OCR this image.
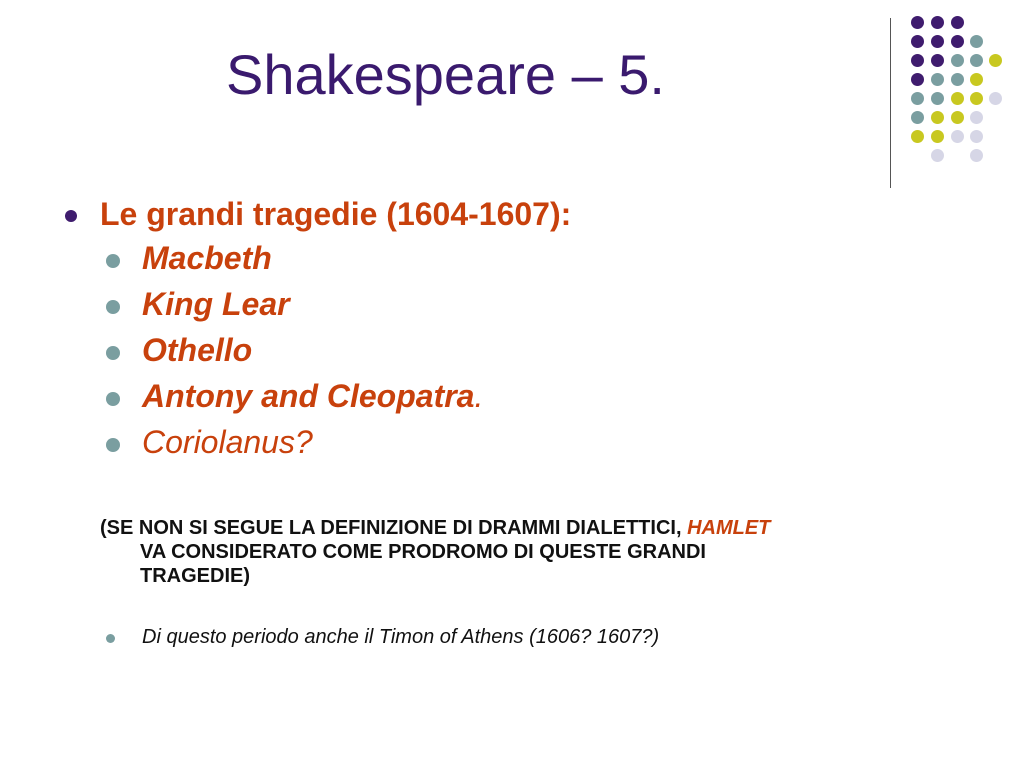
Shakespeare – 5.
Le grandi tragedie (1604-1607):
Macbeth
King Lear
Othello
Antony and Cleopatra.
Coriolanus?
(SE NON SI SEGUE LA DEFINIZIONE DI DRAMMI DIALETTICI, HAMLET
VA CONSIDERATO COME PRODROMO DI QUESTE GRANDI
TRAGEDIE)
Di questo periodo anche il Timon of Athens (1606? 1607?)
